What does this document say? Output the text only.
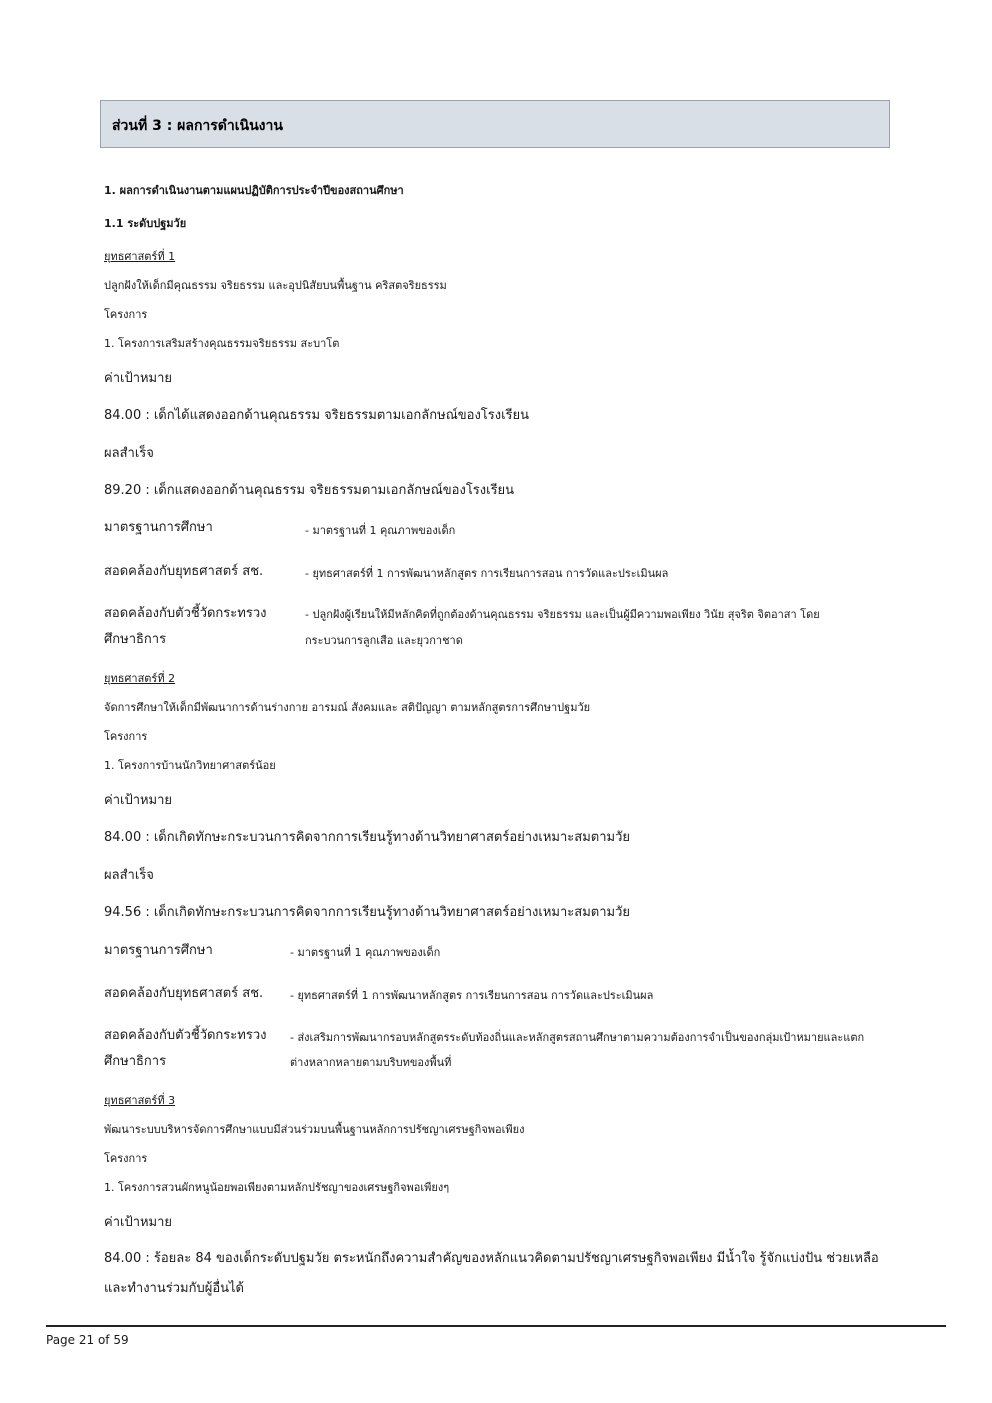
ส่วนที่ 3 : ผลการดำเนินงาน
1. ผลการดำเนินงานตามแผนปฏิบัติการประจำปีของสถานศึกษา
1.1 ระดับปฐมวัย
ยุทธศาสตร์ที่ 1
ปลูกฝังให้เด็กมีคุณธรรม จริยธรรม และอุปนิสัยบนพื้นฐาน คริสตจริยธรรม
โครงการ
1. โครงการเสริมสร้างคุณธรรมจริยธรรม สะบาโต
ค่าเป้าหมาย
84.00 : เด็กได้แสดงออกด้านคุณธรรม จริยธรรมตามเอกลักษณ์ของโรงเรียน
ผลสำเร็จ
89.20 : เด็กแสดงออกด้านคุณธรรม จริยธรรมตามเอกลักษณ์ของโรงเรียน
มาตรฐานการศึกษา	- มาตรฐานที่ 1 คุณภาพของเด็ก
สอดคล้องกับยุทธศาสตร์ สช.	- ยุทธศาสตร์ที่ 1 การพัฒนาหลักสูตร การเรียนการสอน การวัดและประเมินผล
สอดคล้องกับตัวชี้วัดกระทรวง
ศึกษาธิการ
- ปลูกฝังผู้เรียนให้มีหลักคิดที่ถูกต้องด้านคุณธรรม จริยธรรม และเป็นผู้มีความพอเพียง วินัย สุจริต จิตอาสา โดย
กระบวนการลูกเสือ และยุวกาชาด
ยุทธศาสตร์ที่ 2
จัดการศึกษาให้เด็กมีพัฒนาการด้านร่างกาย อารมณ์ สังคมและ สติปัญญา ตามหลักสูตรการศึกษาปฐมวัย
โครงการ
1. โครงการบ้านนักวิทยาศาสตร์น้อย
ค่าเป้าหมาย
84.00 : เด็กเกิดทักษะกระบวนการคิดจากการเรียนรู้ทางด้านวิทยาศาสตร์อย่างเหมาะสมตามวัย
ผลสำเร็จ
94.56 : เด็กเกิดทักษะกระบวนการคิดจากการเรียนรู้ทางด้านวิทยาศาสตร์อย่างเหมาะสมตามวัย
มาตรฐานการศึกษา	- มาตรฐานที่ 1 คุณภาพของเด็ก
สอดคล้องกับยุทธศาสตร์ สช. - ยุทธศาสตร์ที่ 1 การพัฒนาหลักสูตร การเรียนการสอน การวัดและประเมินผล
สอดคล้องกับตัวชี้วัดกระทรวง
ศึกษาธิการ
- ส่งเสริมการพัฒนากรอบหลักสูตรระดับท้องถิ่นและหลักสูตรสถานศึกษาตามความต้องการจำเป็นของกลุ่มเป้าหมายและแตก
ต่างหลากหลายตามบริบทของพื้นที่
ยุทธศาสตร์ที่ 3
พัฒนาระบบบริหารจัดการศึกษาแบบมีส่วนร่วมบนพื้นฐานหลักการปรัชญาเศรษฐกิจพอเพียง
โครงการ
1. โครงการสวนผักหนูน้อยพอเพียงตามหลักปรัชญาของเศรษฐกิจพอเพียงๆ
ค่าเป้าหมาย
84.00 : ร้อยละ 84 ของเด็กระดับปฐมวัย ตระหนักถึงความสำคัญของหลักแนวคิดตามปรัชญาเศรษฐกิจพอเพียง มีน้ำใจ รู้จักแบ่งปัน ช่วยเหลือ
และทำงานร่วมกับผู้อื่นได้
Page 21 of 59
